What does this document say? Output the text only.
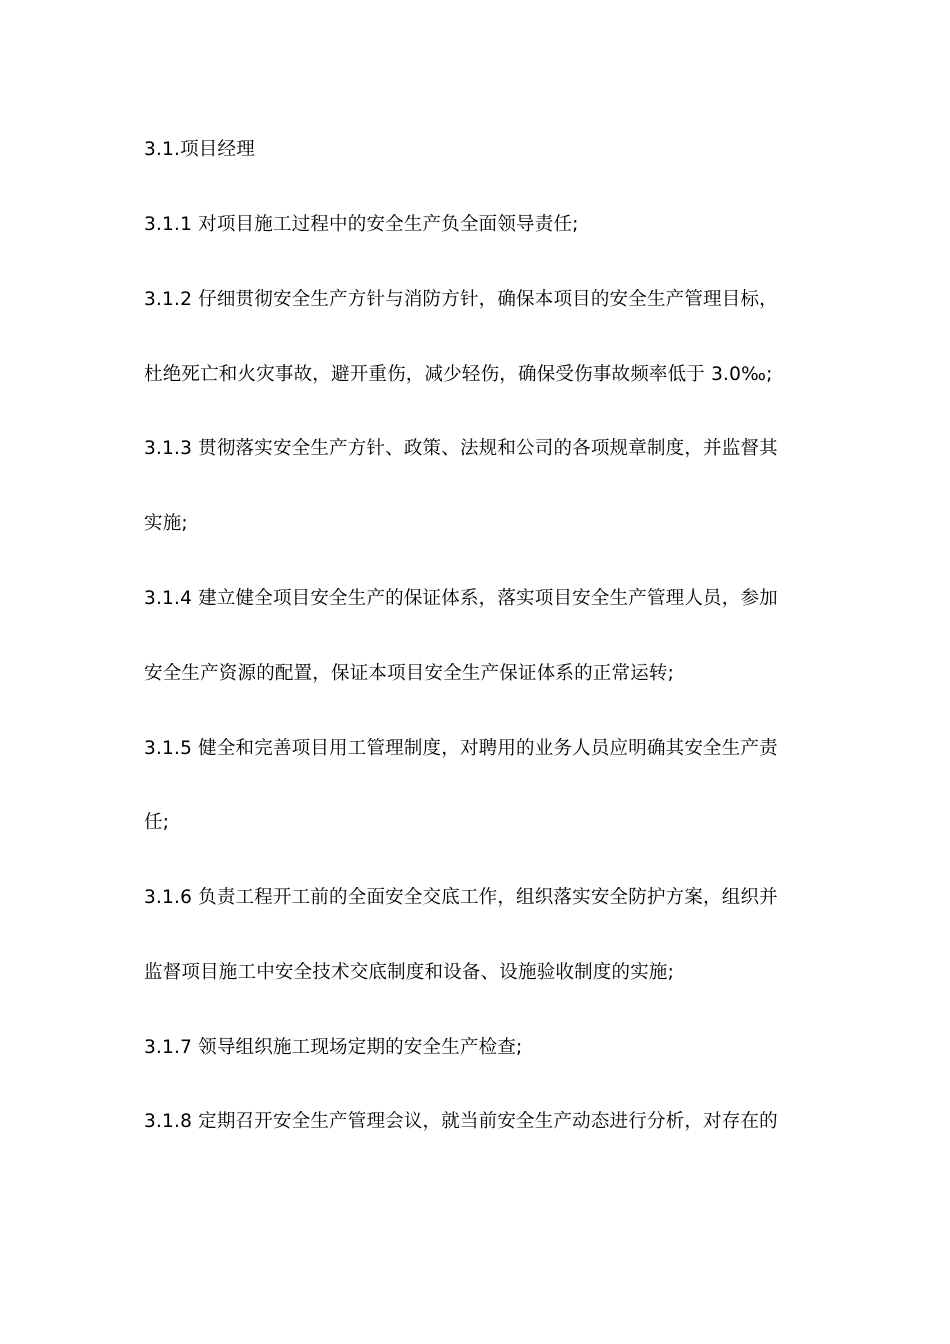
3.1.项目经理
3.1.1 对项目施工过程中的安全生产负全面领导责任;
3.1.2 仔细贯彻安全生产方针与消防方针，确保本项目的安全生产管理目标，
杜绝死亡和火灾事故，避开重伤，减少轻伤，确保受伤事故频率低于 3.0‰;
3.1.3 贯彻落实安全生产方针、政策、法规和公司的各项规章制度，并监督其
实施;
3.1.4 建立健全项目安全生产的保证体系，落实项目安全生产管理人员，参加
安全生产资源的配置，保证本项目安全生产保证体系的正常运转;
3.1.5 健全和完善项目用工管理制度，对聘用的业务人员应明确其安全生产责
任;
3.1.6 负责工程开工前的全面安全交底工作，组织落实安全防护方案，组织并
监督项目施工中安全技术交底制度和设备、设施验收制度的实施;
3.1.7 领导组织施工现场定期的安全生产检查;
3.1.8 定期召开安全生产管理会议，就当前安全生产动态进行分析，对存在的
